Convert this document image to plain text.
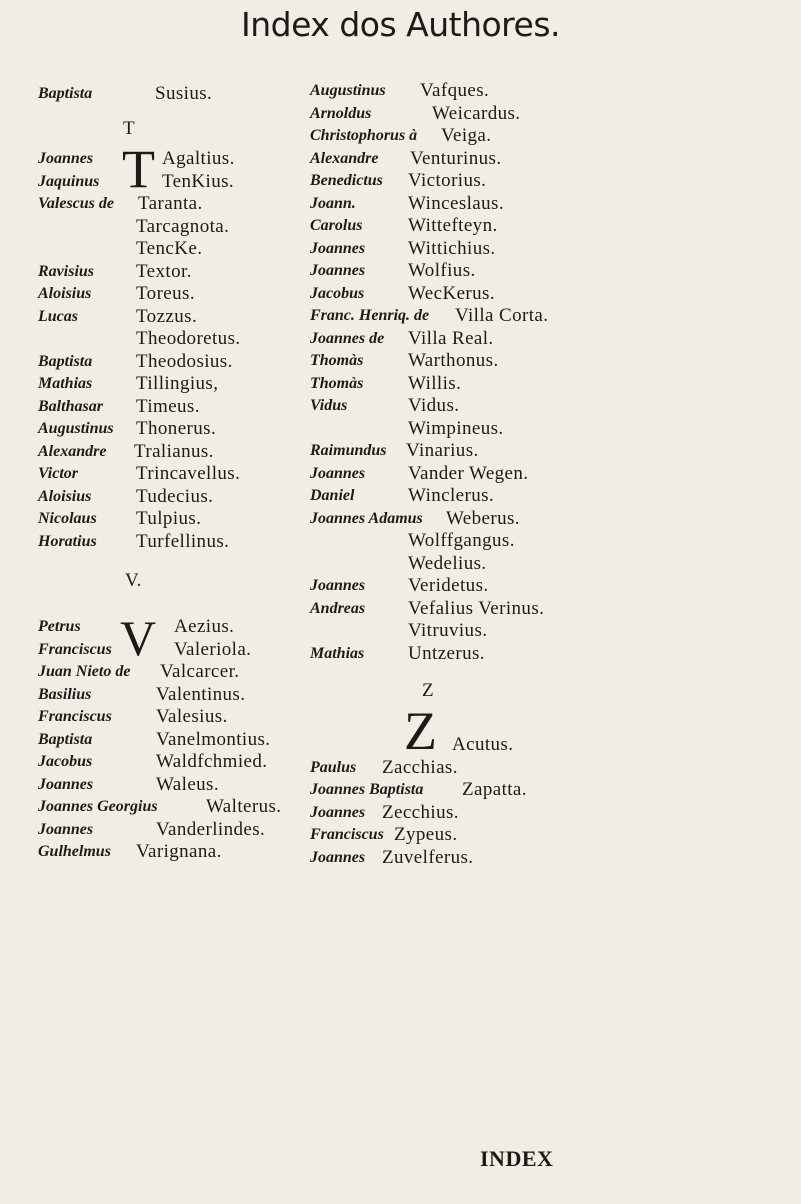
Index dos Authores.
Baptista	Susius.
T
Joannes T Agaltius.
Jaquinus	TenKius.
Valescus de Taranta.
Tarcagnota.
TencKe.
Ravisius Textor.
Aloisius Toreus.
Lucas	Tozzus.
Theodoretus.
Baptista Theodosius.
Mathias Tillingius,
Balthasar Timeus.
Augustinus Thonerus.
Alexandre Tralianus.
Victor	Trincavellus.
Aloisius Tudecius.
Nicolaus Tulpius.
Horatius Turfellinus.
V.
Petrus V Aezius.
Franciscus	Valeriola.
Juan Nieto de Valcarcer.
Basilius	Valentinus.
Franciscus Valesius.
Baptista	Vanelmontius.
Jacobus	Waldfchmied.
Joannes	Waleus.
Joannes Georgius	Walterus.
Joannes	Vanderlindes.
Gulhelmus Varignana.
Augustinus Vafques.
Arnoldus	Weicardus.
Christophorus à Veiga.
Alexandre Venturinus.
Benedictus Victorius.
Joann.	Winceslaus.
Carolus Wittefteyn.
Joannes Wittichius.
Joannes Wolfius.
Jacobus WecKerus.
Franc. Henriq. de Villa Corta.
Joannes de Villa Real.
Thomàs Warthonus.
Thomàs Willis.
Vidus	Vidus.
Wimpineus.
Raimundus Vinarius.
Joannes Vander Wegen.
Daniel	Winclerus.
Joannes Adamus Weberus.
Wolffgangus.
Wedelius.
Joannes Veridetus.
Andreas Vefalius Verinus.
Vitruvius.
Mathias Untzerus.
Z
Z Acutus.
Paulus Zacchias.
Joannes Baptista Zapatta.
Joannes Zecchius.
Franciscus Zypeus.
Joannes Zuvelferus.
INDEX
